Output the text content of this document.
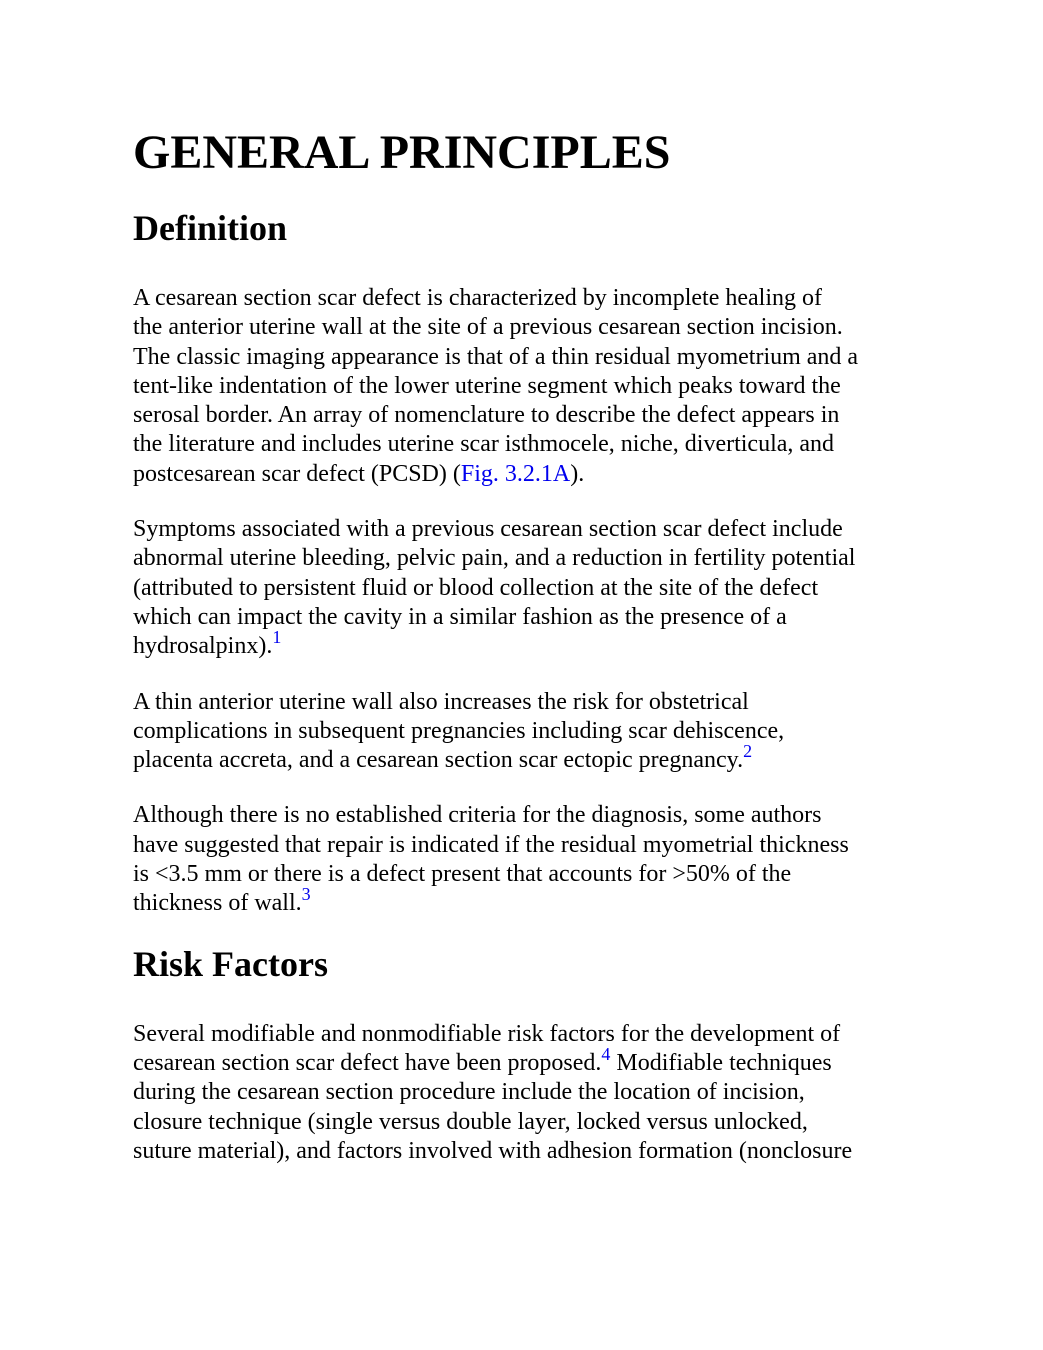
GENERAL PRINCIPLES
Definition

A cesarean section scar defect is characterized by incomplete healing of
the anterior uterine wall at the site of a previous cesarean section incision.
The classic imaging appearance is that of a thin residual myometrium and a
tent-like indentation of the lower uterine segment which peaks toward the
serosal border. An array of nomenclature to describe the defect appears in
the literature and includes uterine scar isthmocele, niche, diverticula, and
postcesarean scar defect (PCSD) (Fig. 3.2.1A).

Symptoms associated with a previous cesarean section scar defect include
abnormal uterine bleeding, pelvic pain, and a reduction in fertility potential
(attributed to persistent fluid or blood collection at the site of the defect
which can impact the cavity in a similar fashion as the presence of a
hydrosalpinx).$^1$

A thin anterior uterine wall also increases the risk for obstetrical
complications in subsequent pregnancies including scar dehiscence,
placenta accreta, and a cesarean section scar ectopic pregnancy.$^2$

Although there is no established criteria for the diagnosis, some authors
have suggested that repair is indicated if the residual myometrial thickness
is <3.5 mm or there is a defect present that accounts for >50% of the
thickness of wall.$^3$

Risk Factors

Several modifiable and nonmodifiable risk factors for the development of
cesarean section scar defect have been proposed.$^4$ Modifiable techniques
during the cesarean section procedure include the location of incision,
closure technique (single versus double layer, locked versus unlocked,
suture material), and factors involved with adhesion formation (nonclosure
